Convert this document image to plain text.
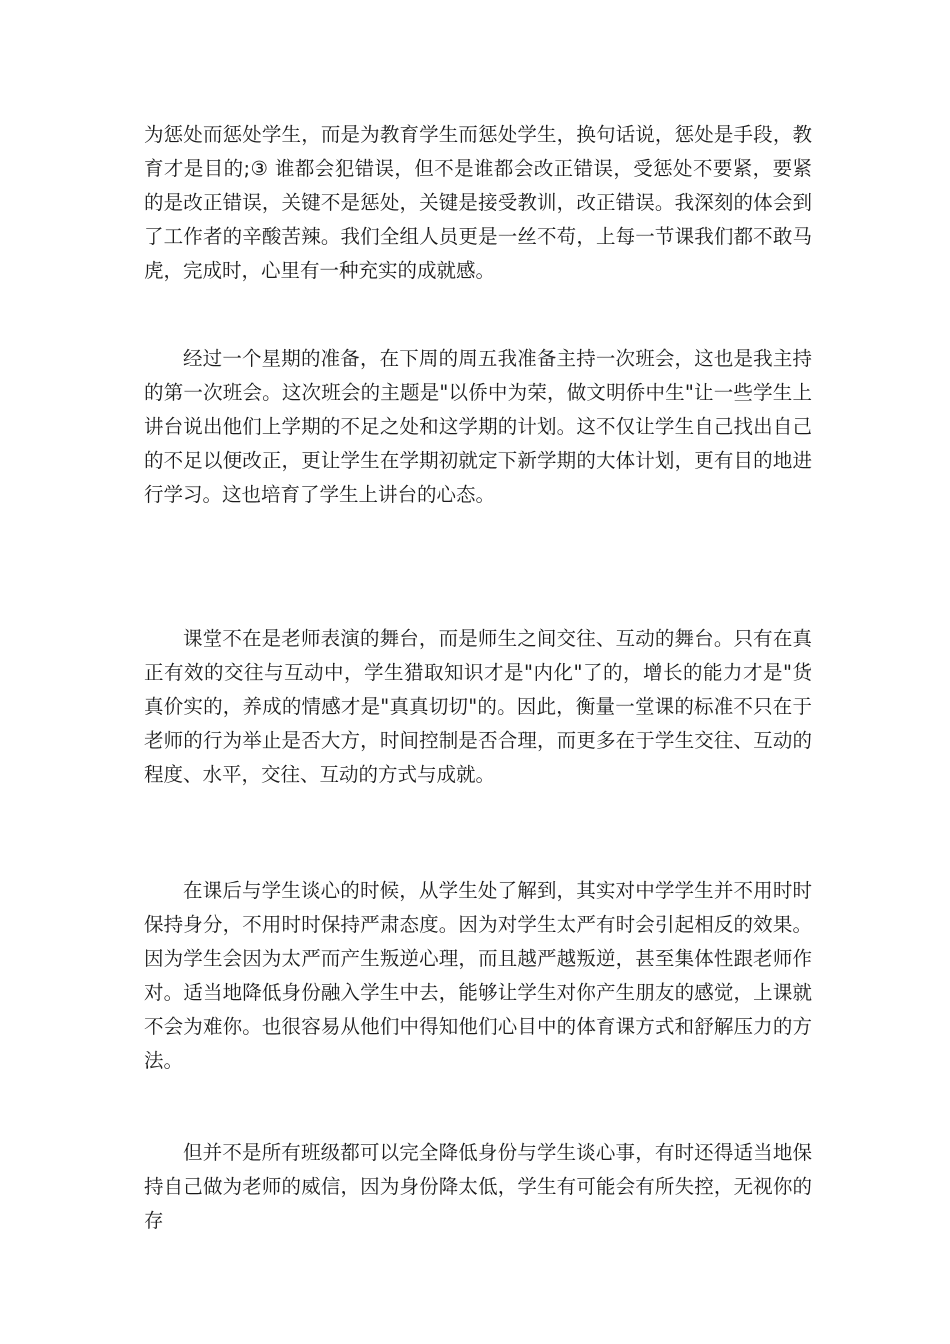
为惩处而惩处学生，而是为教育学生而惩处学生，换句话说，惩处是手段，教育才是目的;③ 谁都会犯错误，但不是谁都会改正错误，受惩处不要紧，要紧的是改正错误，关键不是惩处，关键是接受教训，改正错误。我深刻的体会到了工作者的辛酸苦辣。我们全组人员更是一丝不苟，上每一节课我们都不敢马虎，完成时，心里有一种充实的成就感。

经过一个星期的准备，在下周的周五我准备主持一次班会，这也是我主持的第一次班会。这次班会的主题是"以侨中为荣，做文明侨中生"让一些学生上讲台说出他们上学期的不足之处和这学期的计划。这不仅让学生自己找出自己的不足以便改正，更让学生在学期初就定下新学期的大体计划，更有目的地进行学习。这也培育了学生上讲台的心态。

课堂不在是老师表演的舞台，而是师生之间交往、互动的舞台。只有在真正有效的交往与互动中，学生猎取知识才是"内化"了的，增长的能力才是"货真价实的，养成的情感才是"真真切切"的。因此，衡量一堂课的标准不只在于老师的行为举止是否大方，时间控制是否合理，而更多在于学生交往、互动的程度、水平，交往、互动的方式与成就。

在课后与学生谈心的时候，从学生处了解到，其实对中学学生并不用时时保持身分，不用时时保持严肃态度。因为对学生太严有时会引起相反的效果。因为学生会因为太严而产生叛逆心理，而且越严越叛逆，甚至集体性跟老师作对。适当地降低身份融入学生中去，能够让学生对你产生朋友的感觉，上课就不会为难你。也很容易从他们中得知他们心目中的体育课方式和舒解压力的方法。

但并不是所有班级都可以完全降低身份与学生谈心事，有时还得适当地保持自己做为老师的威信，因为身份降太低，学生有可能会有所失控，无视你的存
